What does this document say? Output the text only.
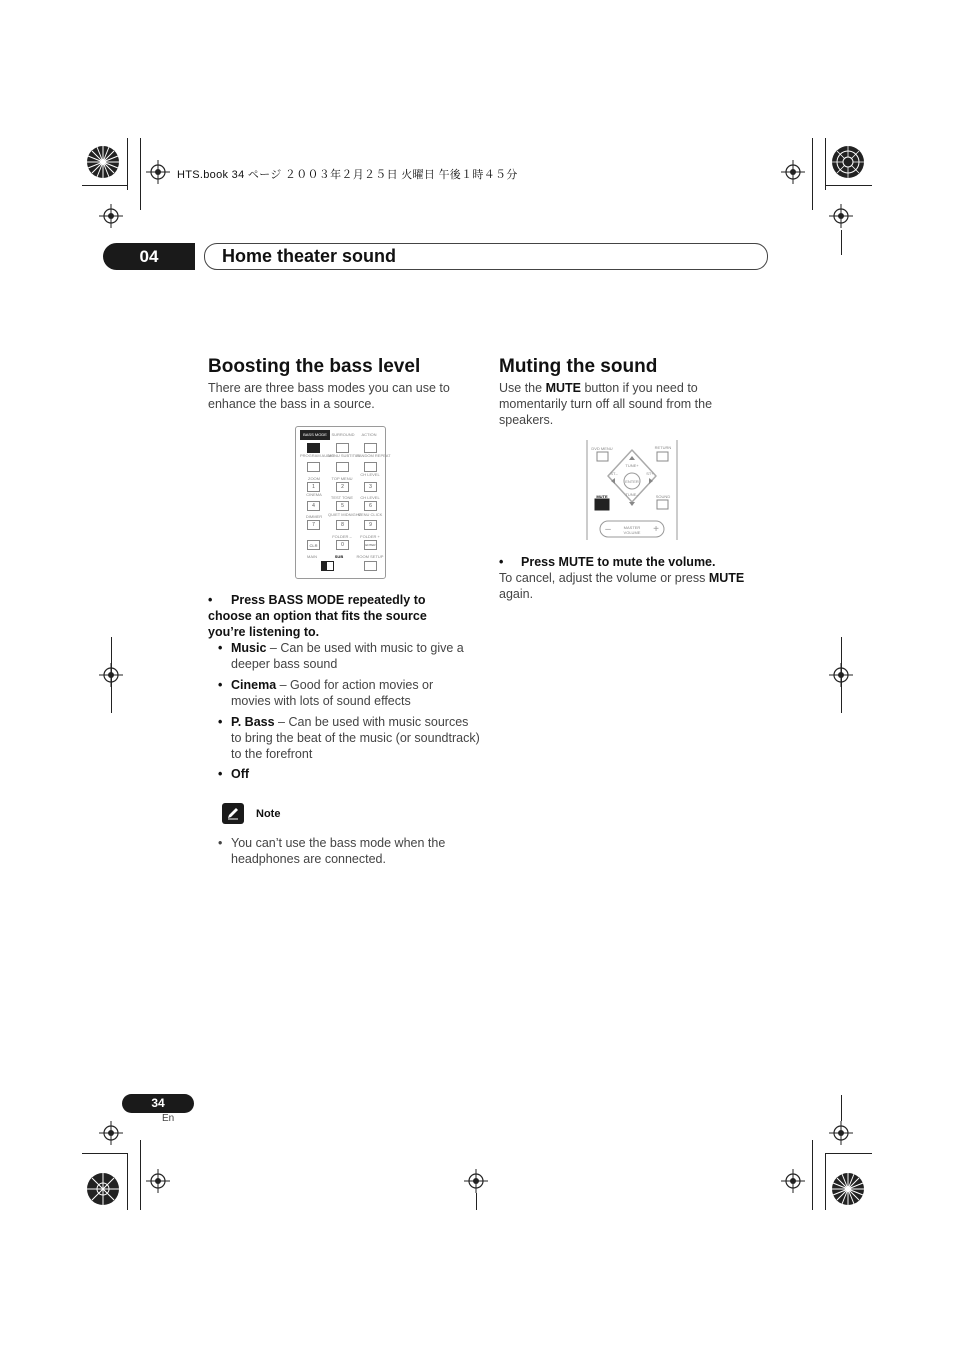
HTS.book 34 ページ ２００３年２月２５日 火曜日 午後１時４５分
04	Home theater sound
Boosting the bass level

There are three bass modes you can use to enhance the bass in a source.

BASS MODE	SURROUND	ACTION
PROGRAM AUDIO
MENU SUBTITLE
RANDOM REPEAT
ZOOM	TOP MENU
CH LEVEL
1	2	3
CINEMA
TEST TONE	CH LEVEL
4	5	6
DIMMER	QUIET MIDNIGHT
MENU CLICK
7	8	9
FOLDER –	FOLDER +
CLR	0	ENTER
MAIN	SUB	ROOM SETUP
•	Press BASS MODE repeatedly to choose an option that fits the source you’re listening to.

• Music – Can be used with music to give a deeper bass sound
• Cinema – Good for action movies or movies with lots of sound effects
• P. Bass – Can be used with music sources to bring the beat of the music (or soundtrack) to the forefront
• Off
Note
• You can’t use the bass mode when the headphones are connected.
Muting the sound

Use the MUTE button if you need to momentarily turn off all sound from the speakers.

DVD MENU	RETURN
TUNE+
ST–	ST+
ENTER
TUNE–
MUTE	SOUND
MASTER VOLUME
–	+
• Press MUTE to mute the volume.

To cancel, adjust the volume or press MUTE again.

34
En
